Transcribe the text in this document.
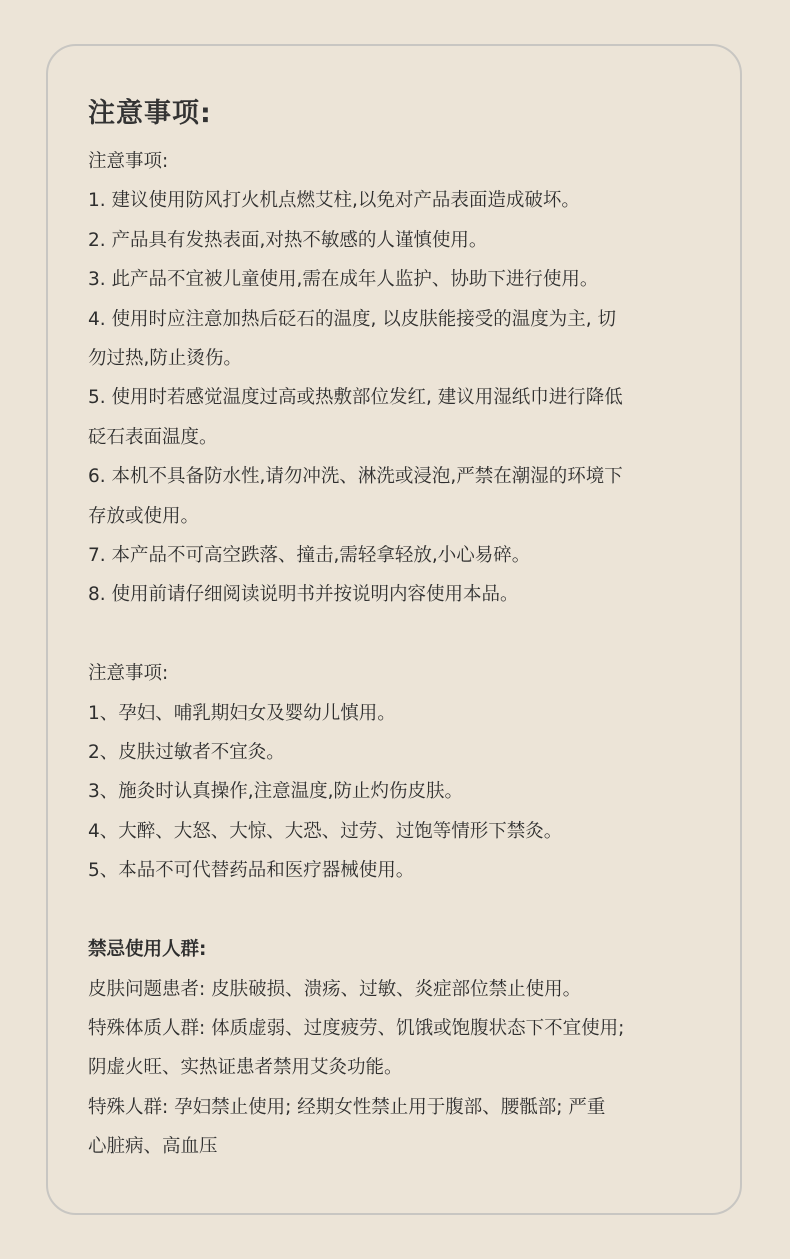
注意事项:
注意事项:
1. 建议使用防风打火机点燃艾柱,以免对产品表面造成破坏。
2. 产品具有发热表面,对热不敏感的人谨慎使用。
3. 此产品不宜被儿童使用,需在成年人监护、协助下进行使用。
4. 使用时应注意加热后砭石的温度, 以皮肤能接受的温度为主, 切
勿过热,防止烫伤。
5. 使用时若感觉温度过高或热敷部位发红, 建议用湿纸巾进行降低
砭石表面温度。
6. 本机不具备防水性,请勿冲洗、淋洗或浸泡,严禁在潮湿的环境下
存放或使用。
7. 本产品不可高空跌落、撞击,需轻拿轻放,小心易碎。
8. 使用前请仔细阅读说明书并按说明内容使用本品。
注意事项:
1、孕妇、哺乳期妇女及婴幼儿慎用。
2、皮肤过敏者不宜灸。
3、施灸时认真操作,注意温度,防止灼伤皮肤。
4、大醉、大怒、大惊、大恐、过劳、过饱等情形下禁灸。
5、本品不可代替药品和医疗器械使用。
禁忌使用人群:
皮肤问题患者: 皮肤破损、溃疡、过敏、炎症部位禁止使用。
特殊体质人群: 体质虚弱、过度疲劳、饥饿或饱腹状态下不宜使用;
阴虚火旺、实热证患者禁用艾灸功能。
特殊人群: 孕妇禁止使用; 经期女性禁止用于腹部、腰骶部; 严重
心脏病、高血压
